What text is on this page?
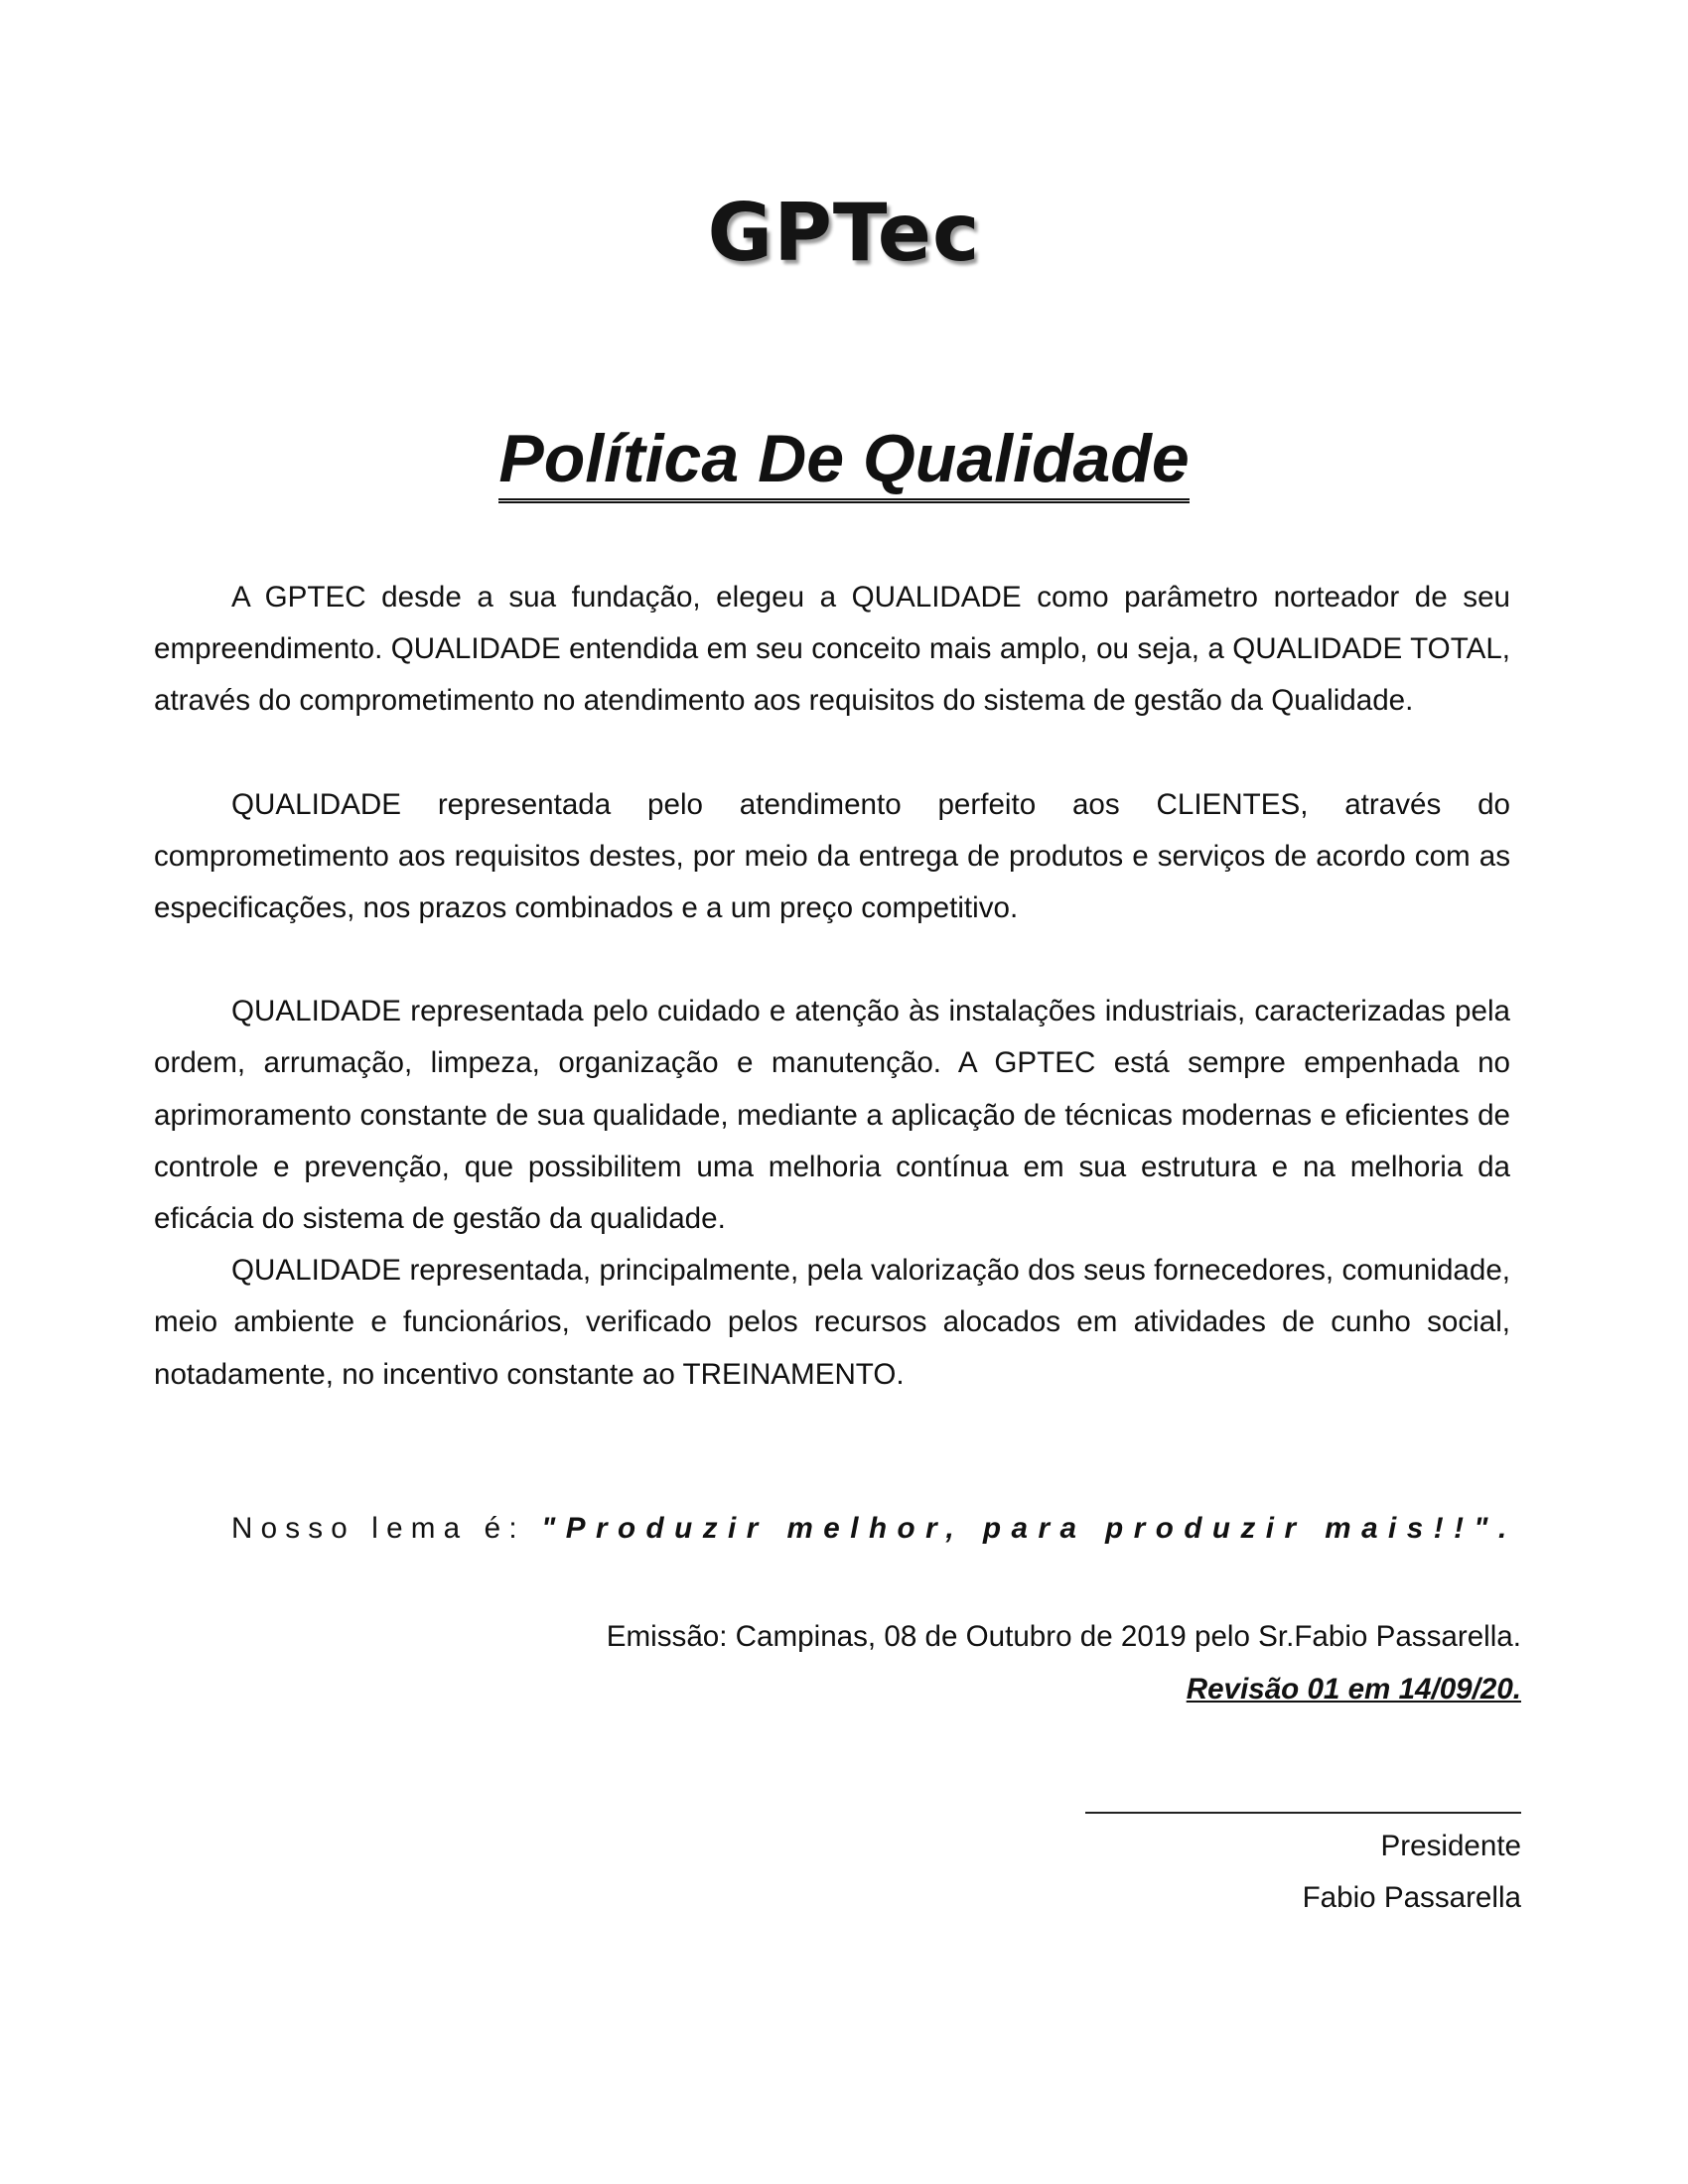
GPTec
Política De Qualidade

A GPTEC desde a sua fundação, elegeu a QUALIDADE como parâmetro norteador de seu empreendimento. QUALIDADE entendida em seu conceito mais amplo, ou seja, a QUALIDADE TOTAL, através do comprometimento no atendimento aos requisitos do sistema de gestão da Qualidade.

QUALIDADE representada pelo atendimento perfeito aos CLIENTES, através do comprometimento aos requisitos destes, por meio da entrega de produtos e serviços de acordo com as especificações, nos prazos combinados e a um preço competitivo.

QUALIDADE representada pelo cuidado e atenção às instalações industriais, caracterizadas pela ordem, arrumação, limpeza, organização e manutenção. A GPTEC está sempre empenhada no aprimoramento constante de sua qualidade, mediante a aplicação de técnicas modernas e eficientes de controle e prevenção, que possibilitem uma melhoria contínua em sua estrutura e na melhoria da eficácia do sistema de gestão da qualidade.

QUALIDADE representada, principalmente, pela valorização dos seus fornecedores, comunidade, meio ambiente e funcionários, verificado pelos recursos alocados em atividades de cunho social, notadamente, no incentivo constante ao TREINAMENTO.

Nosso lema é: "Produzir melhor, para produzir mais!!".
Emissão: Campinas, 08 de Outubro de 2019 pelo Sr.Fabio Passarella.
Revisão 01 em 14/09/20.
Presidente
Fabio Passarella
